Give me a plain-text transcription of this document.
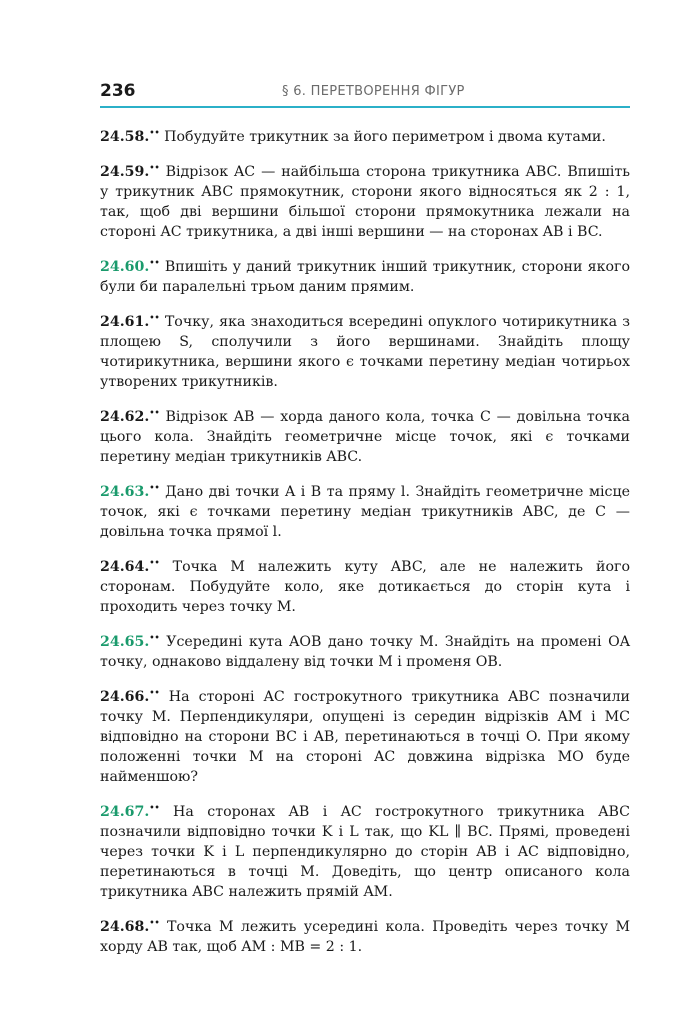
236	§ 6. ПЕРЕТВОРЕННЯ ФІГУР

24.58.•• Побудуйте трикутник за його периметром і двома кутами.

24.59.•• Відрізок AC — найбільша сторона трикутника ABC. Впишіть у трикутник ABC прямокутник, сторони якого відносяться як 2 : 1, так, щоб дві вершини більшої сторони прямокутника лежали на стороні AC трикутника, а дві інші вершини — на сторонах AB і BC.

24.60.•• Впишіть у даний трикутник інший трикутник, сторони якого були би паралельні трьом даним прямим.

24.61.•• Точку, яка знаходиться всередині опуклого чотирикутника з площею S, сполучили з його вершинами. Знайдіть площу чотирикутника, вершини якого є точками перетину медіан чотирьох утворених трикутників.

24.62.•• Відрізок AB — хорда даного кола, точка C — довільна точка цього кола. Знайдіть геометричне місце точок, які є точками перетину медіан трикутників ABC.

24.63.•• Дано дві точки A і B та пряму l. Знайдіть геометричне місце точок, які є точками перетину медіан трикутників ABC, де C — довільна точка прямої l.

24.64.•• Точка M належить куту ABC, але не належить його сторонам. Побудуйте коло, яке дотикається до сторін кута і проходить через точку M.

24.65.•• Усередині кута AOB дано точку M. Знайдіть на промені OA точку, однаково віддалену від точки M і променя OB.

24.66.•• На стороні AC гострокутного трикутника ABC позначили точку M. Перпендикуляри, опущені із середин відрізків AM і MC відповідно на сторони BC і AB, перетинаються в точці O. При якому положенні точки M на стороні AC довжина відрізка MO буде найменшою?

24.67.•• На сторонах AB і AC гострокутного трикутника ABC позначили відповідно точки K і L так, що KL ∥ BC. Прямі, проведені через точки K і L перпендикулярно до сторін AB і AC відповідно, перетинаються в точці M. Доведіть, що центр описаного кола трикутника ABC належить прямій AM.

24.68.•• Точка M лежить усередині кола. Проведіть через точку M хорду AB так, щоб AM : MB = 2 : 1.
